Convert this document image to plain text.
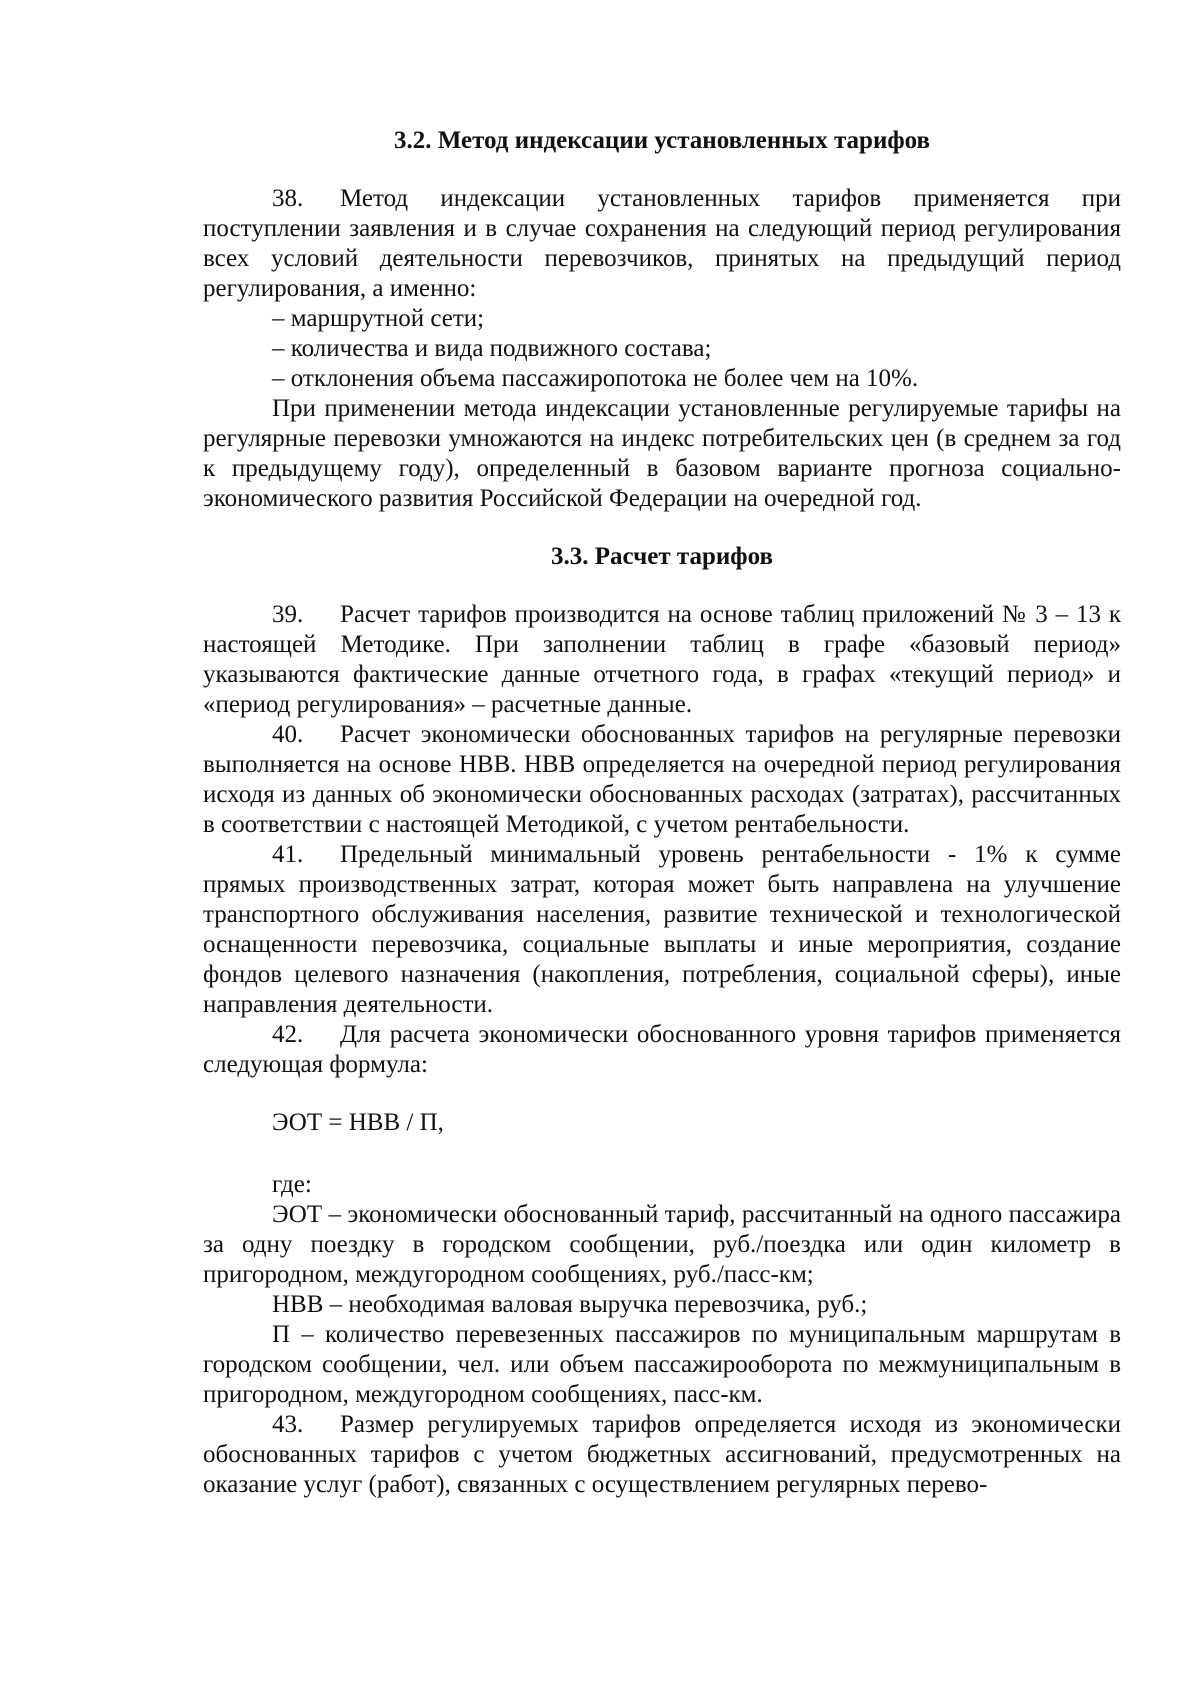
3.2. Метод индексации установленных тарифов

38. Метод индексации установленных тарифов применяется при поступлении заявления и в случае сохранения на следующий период регулирования всех условий деятельности перевозчиков, принятых на предыдущий период регулирования, а именно:

– маршрутной сети;

– количества и вида подвижного состава;

– отклонения объема пассажиропотока не более чем на 10%.

При применении метода индексации установленные регулируемые тарифы на регулярные перевозки умножаются на индекс потребительских цен (в среднем за год к предыдущему году), определенный в базовом варианте прогноза социально-экономического развития Российской Федерации на очередной год.

3.3. Расчет тарифов

39. Расчет тарифов производится на основе таблиц приложений № 3 – 13 к настоящей Методике. При заполнении таблиц в графе «базовый период» указываются фактические данные отчетного года, в графах «текущий период» и «период регулирования» – расчетные данные.

40. Расчет экономически обоснованных тарифов на регулярные перевозки выполняется на основе НВВ. НВВ определяется на очередной период регулирования исходя из данных об экономически обоснованных расходах (затратах), рассчитанных в соответствии с настоящей Методикой, с учетом рентабельности.

41. Предельный минимальный уровень рентабельности - 1% к сумме прямых производственных затрат, которая может быть направлена на улучшение транспортного обслуживания населения, развитие технической и технологической оснащенности перевозчика, социальные выплаты и иные мероприятия, создание фондов целевого назначения (накопления, потребления, социальной сферы), иные направления деятельности.

42. Для расчета экономически обоснованного уровня тарифов применяется следующая формула:

ЭОТ = НВВ / П,

где:

ЭОТ – экономически обоснованный тариф, рассчитанный на одного пассажира за одну поездку в городском сообщении, руб./поездка или один километр в пригородном, междугородном сообщениях, руб./пасс-км;

НВВ – необходимая валовая выручка перевозчика, руб.;

П – количество перевезенных пассажиров по муниципальным маршрутам в городском сообщении, чел. или объем пассажирооборота по межмуниципальным в пригородном, междугородном сообщениях, пасс-км.

43. Размер регулируемых тарифов определяется исходя из экономически обоснованных тарифов с учетом бюджетных ассигнований, предусмотренных на оказание услуг (работ), связанных с осуществлением регулярных перево-
